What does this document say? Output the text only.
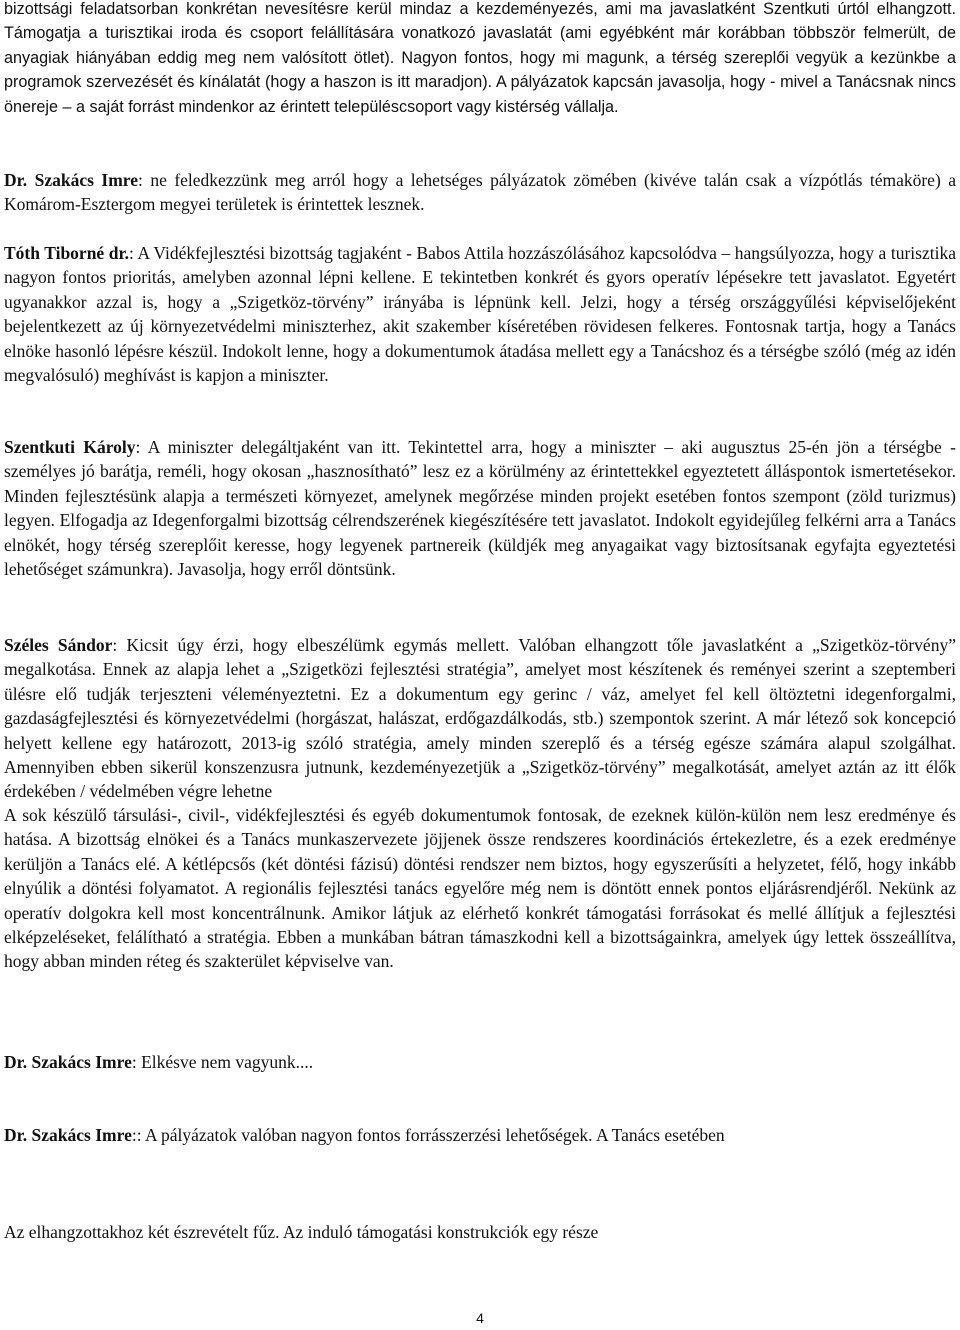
bizottsági feladatsorban konkrétan nevesítésre kerül mindaz a kezdeményezés, ami ma javaslatként Szentkuti úrtól elhangzott. Támogatja a turisztikai iroda és csoport felállítására vonatkozó javaslatát (ami egyébként már korábban többször felmerült, de anyagiak hiányában eddig meg nem valósított ötlet). Nagyon fontos, hogy mi magunk, a térség szereplői vegyük a kezünkbe a programok szervezését és kínálatát (hogy a haszon is itt maradjon). A pályázatok kapcsán javasolja, hogy - mivel a Tanácsnak nincs önereje – a saját forrást mindenkor az érintett településcsoport vagy kistérség vállalja.

Dr. Szakács Imre: ne feledkezzünk meg arról hogy a lehetséges pályázatok zömében (kivéve talán csak a vízpótlás témaköre) a Komárom-Esztergom megyei területek is érintettek lesznek.

Tóth Tiborné dr.: A Vidékfejlesztési bizottság tagjaként - Babos Attila hozzászólásához kapcsolódva – hangsúlyozza, hogy a turisztika nagyon fontos prioritás, amelyben azonnal lépni kellene. E tekintetben konkrét és gyors operatív lépésekre tett javaslatot. Egyetért ugyanakkor azzal is, hogy a „Szigetköz-törvény” irányába is lépnünk kell. Jelzi, hogy a térség országgyűlési képviselőjeként bejelentkezett az új környezetvédelmi miniszterhez, akit szakember kíséretében rövidesen felkeres. Fontosnak tartja, hogy a Tanács elnöke hasonló lépésre készül. Indokolt lenne, hogy a dokumentumok átadása mellett egy a Tanácshoz és a térségbe szóló (még az idén megvalósuló) meghívást is kapjon a miniszter.

Szentkuti Károly: A miniszter delegáltjaként van itt. Tekintettel arra, hogy a miniszter – aki augusztus 25-én jön a térségbe - személyes jó barátja, reméli, hogy okosan „hasznosítható” lesz ez a körülmény az érintettekkel egyeztetett álláspontok ismertetésekor. Minden fejlesztésünk alapja a természeti környezet, amelynek megőrzése minden projekt esetében fontos szempont (zöld turizmus) legyen. Elfogadja az Idegenforgalmi bizottság célrendszerének kiegészítésére tett javaslatot. Indokolt egyidejűleg felkérni arra a Tanács elnökét, hogy térség szereplőit keresse, hogy legyenek partnereik (küldjék meg anyagaikat vagy biztosítsanak egyfajta egyeztetési lehetőséget számunkra). Javasolja, hogy erről döntsünk.

Széles Sándor: Kicsit úgy érzi, hogy elbeszélümk egymás mellett. Valóban elhangzott tőle javaslatként a „Szigetköz-törvény” megalkotása. Ennek az alapja lehet a „Szigetközi fejlesztési stratégia”, amelyet most készítenek és reményei szerint a szeptemberi ülésre elő tudják terjeszteni véleményeztetni. Ez a dokumentum egy gerinc / váz, amelyet fel kell öltöztetni idegenforgalmi, gazdaságfejlesztési és környezetvédelmi (horgászat, halászat, erdőgazdálkodás, stb.) szempontok szerint. A már létező sok koncepció helyett kellene egy határozott, 2013-ig szóló stratégia, amely minden szereplő és a térség egésze számára alapul szolgálhat. Amennyiben ebben sikerül konszenzusra jutnunk, kezdeményezetjük a „Szigetköz-törvény” megalkotását, amelyet aztán az itt élők érdekében / védelmében végre lehetne

A sok készülő társulási-, civil-, vidékfejlesztési és egyéb dokumentumok fontosak, de ezeknek külön-külön nem lesz eredménye és hatása. A bizottság elnökei és a Tanács munkaszervezete jöjjenek össze rendszeres koordinációs értekezletre, és a ezek eredménye kerüljön a Tanács elé. A kétlépcsős (két döntési fázisú) döntési rendszer nem biztos, hogy egyszerűsíti a helyzetet, félő, hogy inkább elnyúlik a döntési folyamatot. A regionális fejlesztési tanács egyelőre még nem is döntött ennek pontos eljárásrendjéről. Nekünk az operatív dolgokra kell most koncentrálnunk. Amikor látjuk az elérhető konkrét támogatási forrásokat és mellé állítjuk a fejlesztési elképzeléseket, felálítható a stratégia. Ebben a munkában bátran támaszkodni kell a bizottságainkra, amelyek úgy lettek összeállítva, hogy abban minden réteg és szakterület képviselve van.

Dr. Szakács Imre: Elkésve nem vagyunk....

Dr. Szakács Imre:: A pályázatok valóban nagyon fontos forrásszerzési lehetőségek. A Tanács esetében

Az elhangzottakhoz két észrevételt fűz. Az induló támogatási konstrukciók egy része

4
